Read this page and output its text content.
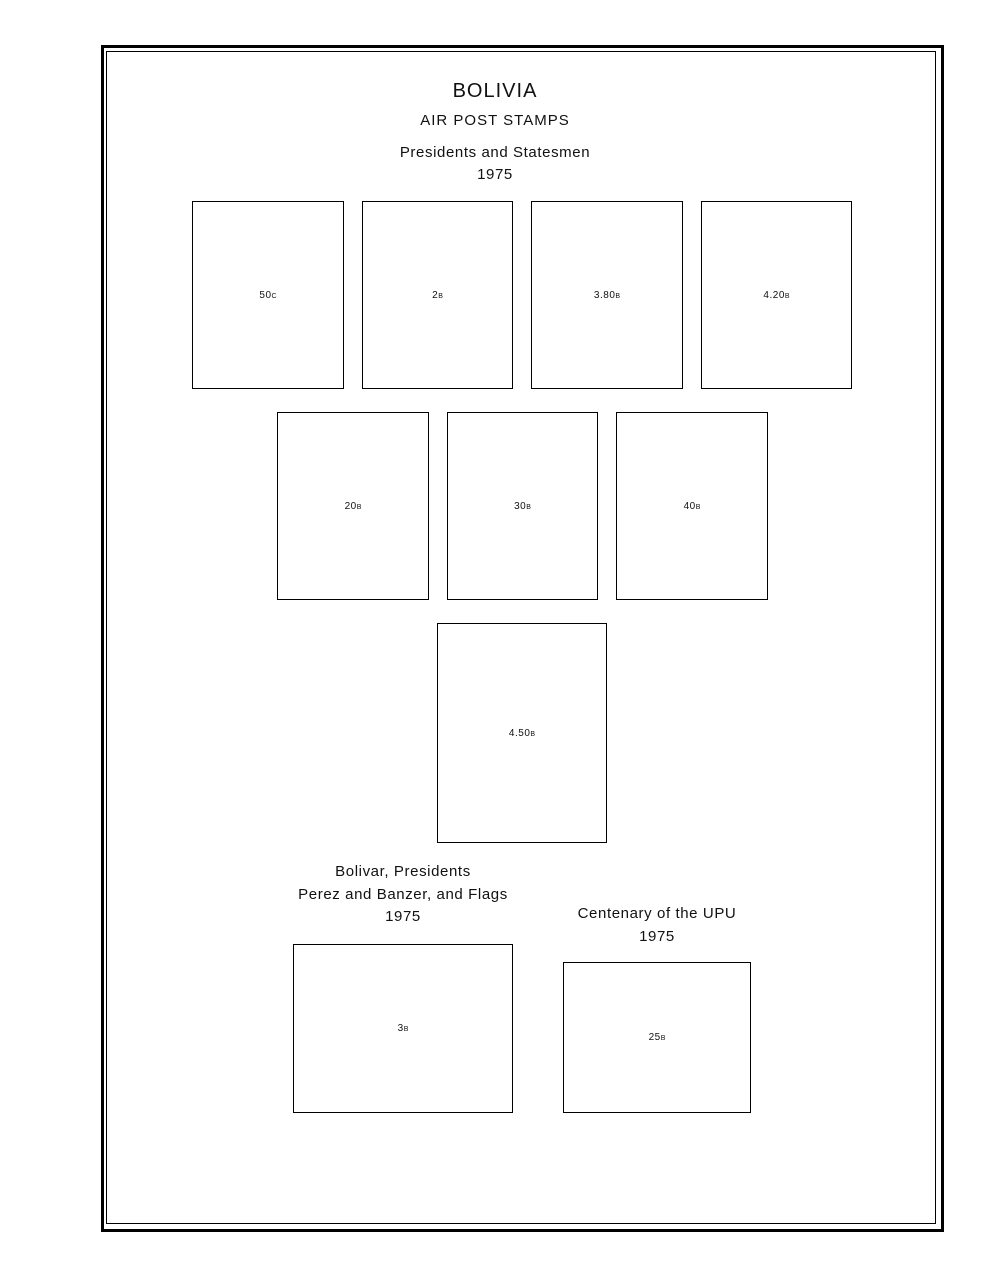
BOLIVIA
AIR POST STAMPS
Presidents and Statesmen
1975
50C	2B	3.80B	4.20B
20B	30B	40B
4.50B
Bolivar, Presidents
Perez and Banzer, and Flags
1975
3B
Centenary of the UPU
1975
25B
